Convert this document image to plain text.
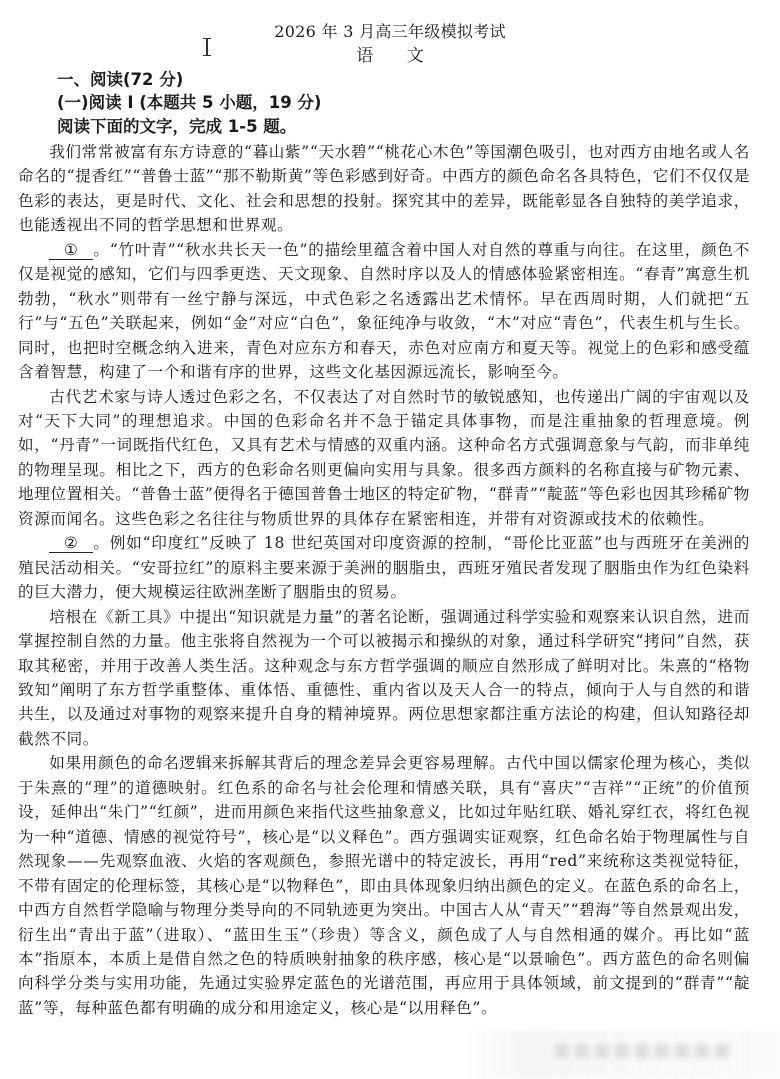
2026 年 3 月高三年级模拟考试
语 文
一、阅读(72 分)
(一)阅读 I (本题共 5 小题，19 分)
阅读下面的文字，完成 1-5 题。

我们常常被富有东方诗意的“暮山紫”“天水碧”“桃花心木色”等国潮色吸引，也对西方由地名或人名命名的“提香红”“普鲁士蓝”“那不勒斯黄”等色彩感到好奇。中西方的颜色命名各具特色，它们不仅仅是色彩的表达，更是时代、文化、社会和思想的投射。探究其中的差异，既能彰显各自独特的美学追求，也能透视出不同的哲学思想和世界观。

① 。“竹叶青”“秋水共长天一色”的描绘里蕴含着中国人对自然的尊重与向往。在这里，颜色不仅是视觉的感知，它们与四季更迭、天文现象、自然时序以及人的情感体验紧密相连。“春青”寓意生机勃勃，“秋水”则带有一丝宁静与深远，中式色彩之名透露出艺术情怀。早在西周时期，人们就把“五行”与“五色”关联起来，例如“金”对应“白色”，象征纯净与收敛，“木”对应“青色”，代表生机与生长。同时，也把时空概念纳入进来，青色对应东方和春天，赤色对应南方和夏天等。视觉上的色彩和感受蕴含着智慧，构建了一个和谐有序的世界，这些文化基因源远流长，影响至今。

古代艺术家与诗人透过色彩之名，不仅表达了对自然时节的敏锐感知，也传递出广阔的宇宙观以及对“天下大同”的理想追求。中国的色彩命名并不急于锚定具体事物，而是注重抽象的哲理意境。例如，“丹青”一词既指代红色，又具有艺术与情感的双重内涵。这种命名方式强调意象与气韵，而非单纯的物理呈现。相比之下，西方的色彩命名则更偏向实用与具象。很多西方颜料的名称直接与矿物元素、地理位置相关。“普鲁士蓝”便得名于德国普鲁士地区的特定矿物，“群青”“靛蓝”等色彩也因其珍稀矿物资源而闻名。这些色彩之名往往与物质世界的具体存在紧密相连，并带有对资源或技术的依赖性。

② 。例如“印度红”反映了 18 世纪英国对印度资源的控制，“哥伦比亚蓝”也与西班牙在美洲的殖民活动相关。“安哥拉红”的原料主要来源于美洲的胭脂虫，西班牙殖民者发现了胭脂虫作为红色染料的巨大潜力，便大规模运往欧洲垄断了胭脂虫的贸易。

培根在《新工具》中提出“知识就是力量”的著名论断，强调通过科学实验和观察来认识自然，进而掌握控制自然的力量。他主张将自然视为一个可以被揭示和操纵的对象，通过科学研究“拷问”自然，获取其秘密，并用于改善人类生活。这种观念与东方哲学强调的顺应自然形成了鲜明对比。朱熹的“格物致知”阐明了东方哲学重整体、重体悟、重德性、重内省以及天人合一的特点，倾向于人与自然的和谐共生，以及通过对事物的观察来提升自身的精神境界。两位思想家都注重方法论的构建，但认知路径却截然不同。

如果用颜色的命名逻辑来拆解其背后的理念差异会更容易理解。古代中国以儒家伦理为核心，类似于朱熹的“理”的道德映射。红色系的命名与社会伦理和情感关联，具有“喜庆”“吉祥”“正统”的价值预设，延伸出“朱门”“红颜”，进而用颜色来指代这些抽象意义，比如过年贴红联、婚礼穿红衣，将红色视为一种“道德、情感的视觉符号”，核心是“以义释色”。西方强调实证观察，红色命名始于物理属性与自然现象——先观察血液、火焰的客观颜色，参照光谱中的特定波长，再用“red”来统称这类视觉特征，不带有固定的伦理标签，其核心是“以物释色”，即由具体现象归纳出颜色的定义。在蓝色系的命名上，中西方自然哲学隐喻与物理分类导向的不同轨迹更为突出。中国古人从“青天”“碧海”等自然景观出发，衍生出“青出于蓝”（进取）、“蓝田生玉”（珍贵）等含义，颜色成了人与自然相通的媒介。再比如“蓝本”指原本，本质上是借自然之色的特质映射抽象的秩序感，核心是“以景喻色”。西方蓝色的命名则偏向科学分类与实用功能，先通过实验界定蓝色的光谱范围，再应用于具体领域，前文提到的“群青”“靛蓝”等，每种蓝色都有明确的成分和用途定义，核心是“以用释色”。
